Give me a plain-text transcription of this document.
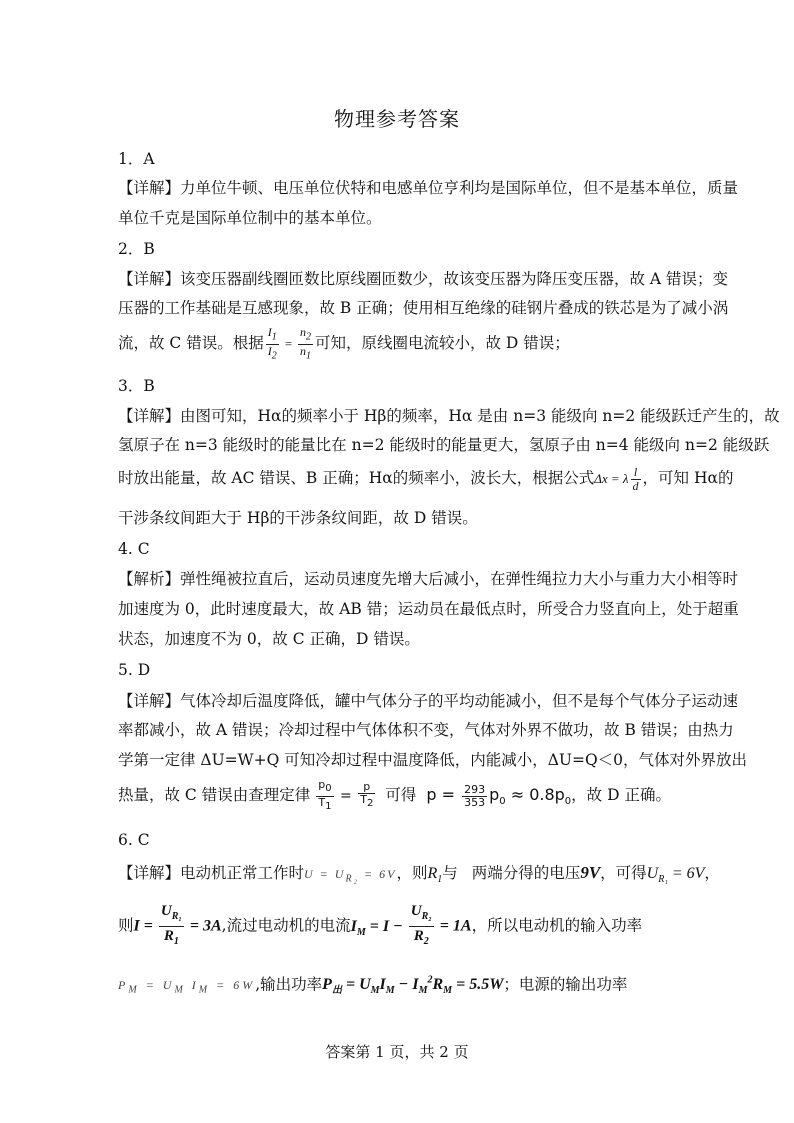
物理参考答案
1．A
【详解】力单位牛顿、电压单位伏特和电感单位亨利均是国际单位，但不是基本单位，质量
单位千克是国际单位制中的基本单位。
2．B
【详解】该变压器副线圈匝数比原线圈匝数少，故该变压器为降压变压器，故 A 错误；变
压器的工作基础是互感现象，故 B 正确；使用相互绝缘的硅钢片叠成的铁芯是为了减小涡
流，故 C 错误。根据 $\frac{I_1}{I_2} = \frac{n_2}{n_1}$ 可知，原线圈电流较小，故 D 错误；
3．B
【详解】由图可知，Hα的频率小于 Hβ的频率，Hα 是由 n=3 能级向 n=2 能级跃迁产生的，故
氢原子在 n=3 能级时的能量比在 n=2 能级时的能量更大，氢原子由 n=4 能级向 n=2 能级跃
时放出能量，故 AC 错误、B 正确；Hα的频率小，波长大，根据公式Δx = λ $\frac{l}{d}$ ，可知 Hα的
干涉条纹间距大于 Hβ的干涉条纹间距，故 D 错误。
4. C
【解析】弹性绳被拉直后，运动员速度先增大后减小，在弹性绳拉力大小与重力大小相等时
加速度为 0，此时速度最大，故 AB 错；运动员在最低点时，所受合力竖直向上，处于超重
状态，加速度不为 0，故 C 正确，D 错误。
5. D
【详解】气体冷却后温度降低，罐中气体分子的平均动能减小，但不是每个气体分子运动速
率都减小，故 A 错误；冷却过程中气体体积不变，气体对外界不做功，故 B 错误；由热力
学第一定律 ΔU=W+Q 可知冷却过程中温度降低，内能减小，ΔU=Q＜0，气体对外界放出
热量，故 C 错误由查理定律 $\frac{p_0}{T_1} = \frac{p}{T_2}$ 可得 $p = \frac{293}{353} p_0 \approx 0.8p_0$，故 D 正确。
6. C
【详解】电动机正常工作时$U = U_{R_2} = 6V$，则$R_1$与 两端分得的电压9V，可得$U_{R_1} = 6V$，
则$I = \frac{U_{R_1}}{R_1} = 3A$,流过电动机的电流$I_M = I - \frac{U_{R_2}}{R_2} = 1A$，所以电动机的输入功率
$P_M = U_M$ $I_M = 6W$,输出功率$P_出 = U_MI_M - I_M^2R_M = 5.5W$；电源的输出功率
答案第 1 页，共 2 页
